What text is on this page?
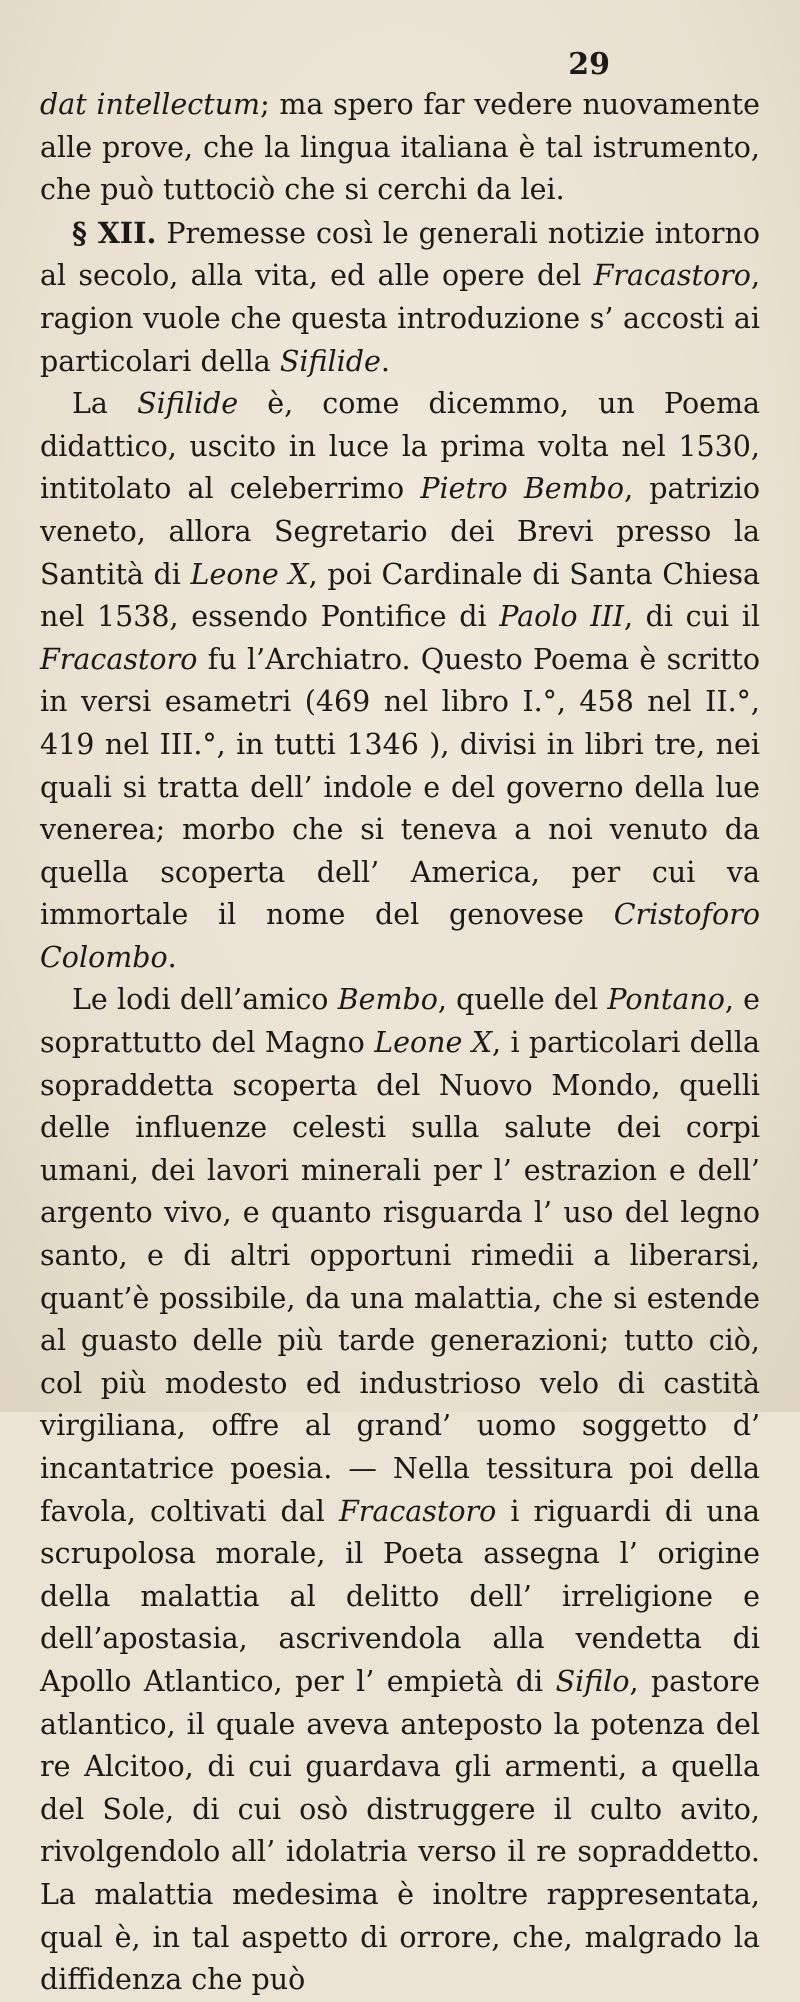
29

dat intellectum; ma spero far vedere nuovamente alle prove, che la lingua italiana è tal istrumento, che può tuttociò che si cerchi da lei.

§ XII. Premesse così le generali notizie intorno al secolo, alla vita, ed alle opere del Fracastoro, ragion vuole che questa introduzione s’ accosti ai particolari della Sifilide.

La Sifilide è, come dicemmo, un Poema didattico, uscito in luce la prima volta nel 1530, intitolato al celeberrimo Pietro Bembo, patrizio veneto, allora Segretario dei Brevi presso la Santità di Leone X, poi Cardinale di Santa Chiesa nel 1538, essendo Pontifice di Paolo III, di cui il Fracastoro fu l’Archiatro. Questo Poema è scritto in versi esametri (469 nel libro I.°, 458 nel II.°, 419 nel III.°, in tutti 1346 ), divisi in libri tre, nei quali si tratta dell’ indole e del governo della lue venerea; morbo che si teneva a noi venuto da quella scoperta dell’ America, per cui va immortale il nome del genovese Cristoforo Colombo.

Le lodi dell’amico Bembo, quelle del Pontano, e soprattutto del Magno Leone X, i particolari della sopraddetta scoperta del Nuovo Mondo, quelli delle influenze celesti sulla salute dei corpi umani, dei lavori minerali per l’ estrazion e dell’ argento vivo, e quanto risguarda l’ uso del legno santo, e di altri opportuni rimedii a liberarsi, quant’è possibile, da una malattia, che si estende al guasto delle più tarde generazioni; tutto ciò, col più modesto ed industrioso velo di castità virgiliana, offre al grand’ uomo soggetto d’ incantatrice poesia. — Nella tessitura poi della favola, coltivati dal Fracastoro i riguardi di una scrupolosa morale, il Poeta assegna l’ origine della malattia al delitto dell’ irreligione e dell’apostasia, ascrivendola alla vendetta di Apollo Atlantico, per l’ empietà di Sifilo, pastore atlantico, il quale aveva anteposto la potenza del re Alcitoo, di cui guardava gli armenti, a quella del Sole, di cui osò distruggere il culto avito, rivolgendolo all’ idolatria verso il re sopraddetto. La malattia medesima è inoltre rappresentata, qual è, in tal aspetto di orrore, che, malgrado la diffidenza che può
